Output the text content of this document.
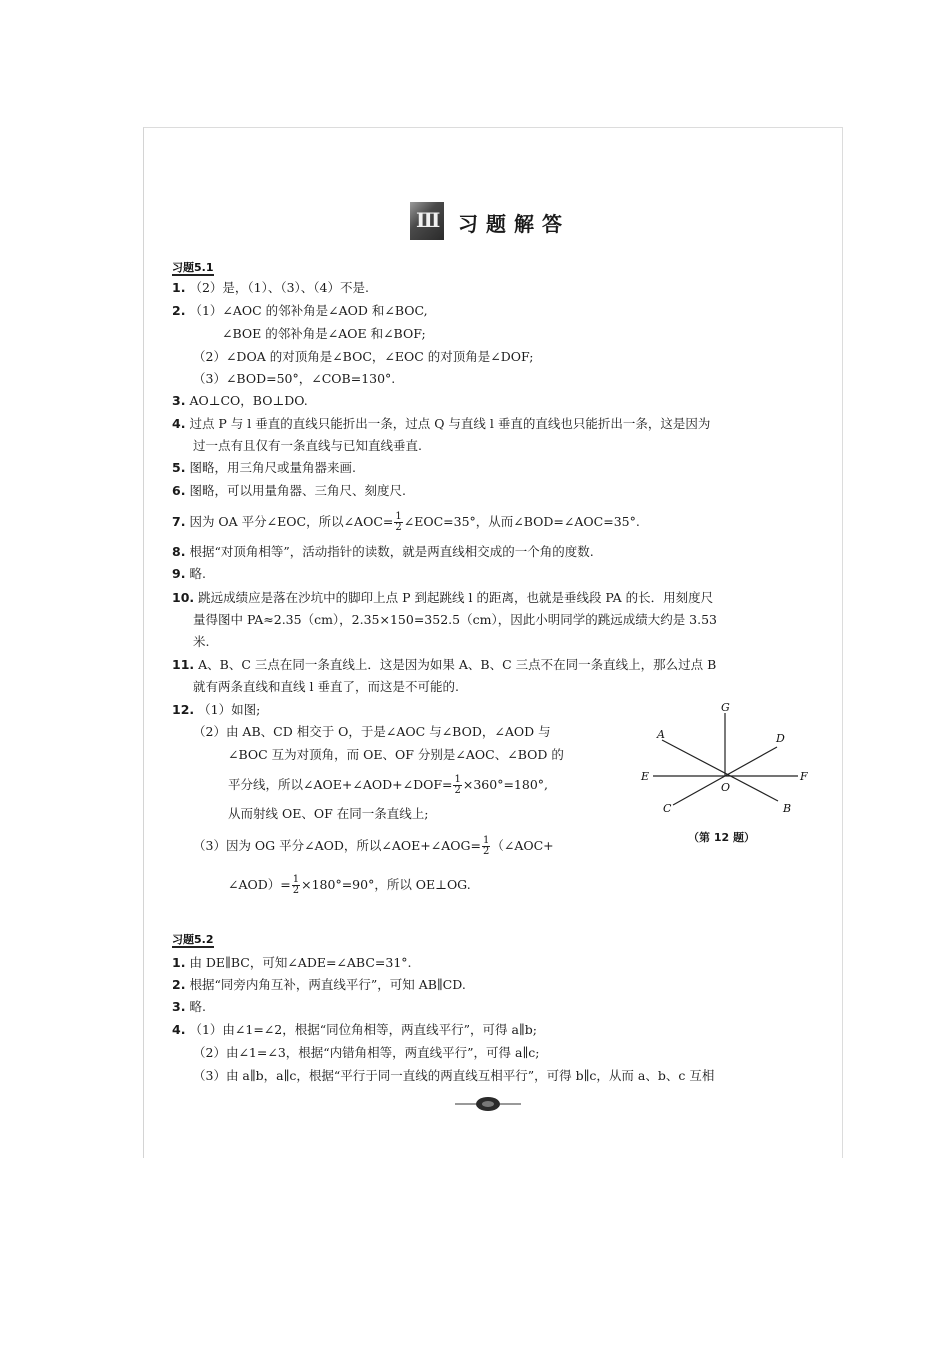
Ⅲ 习题解答
习题5.1
习题5.2
1. （2）是，（1）、（3）、（4）不是.
2. （1）∠AOC 的邻补角是∠AOD 和∠BOC,
∠BOE 的邻补角是∠AOE 和∠BOF;
（2）∠DOA 的对顶角是∠BOC，∠EOC 的对顶角是∠DOF;
（3）∠BOD=50°，∠COB=130°.
3. AO⊥CO，BO⊥DO.
4. 过点 P 与 l 垂直的直线只能折出一条，过点 Q 与直线 l 垂直的直线也只能折出一条，这是因为
过一点有且仅有一条直线与已知直线垂直.
5. 图略，用三角尺或量角器来画.
6. 图略，可以用量角器、三角尺、刻度尺.
7. 因为 OA 平分∠EOC，所以∠AOC= $\frac{1}{2}$ ∠EOC=35°，从而∠BOD=∠AOC=35°.
8. 根据“对顶角相等”，活动指针的读数，就是两直线相交成的一个角的度数.
9. 略.
10. 跳远成绩应是落在沙坑中的脚印上点 P 到起跳线 l 的距离，也就是垂线段 PA 的长．用刻度尺
量得图中 PA≈2.35（cm），2.35×150=352.5（cm），因此小明同学的跳远成绩大约是 3.53
米.
11. A、B、C 三点在同一条直线上．这是因为如果 A、B、C 三点不在同一条直线上，那么过点 B
就有两条直线和直线 l 垂直了，而这是不可能的.
12. （1）如图;
（2）由 AB、CD 相交于 O，于是∠AOC 与∠BOD，∠AOD 与
∠BOC 互为对顶角，而 OE、OF 分别是∠AOC、∠BOD 的
平分线，所以∠AOE+∠AOD+∠DOF= $\frac{1}{2} \times 360^\circ=180^\circ$,
从而射线 OE、OF 在同一条直线上;
（3）因为 OG 平分∠AOD，所以∠AOE+∠AOG= $\frac{1}{2}$ （∠AOC+
∠AOD）= $\frac{1}{2} \times 180^\circ=90^\circ$，所以 OE⊥OG.
1. 由 DE∥BC，可知∠ADE=∠ABC=31°.
2. 根据“同旁内角互补，两直线平行”，可知 AB∥CD.
3. 略.
4. （1）由∠1=∠2，根据“同位角相等，两直线平行”，可得 a∥b;
（2）由∠1=∠3，根据“内错角相等，两直线平行”，可得 a∥c;
（3）由 a∥b，a∥c，根据“平行于同一直线的两直线互相平行”，可得 b∥c，从而 a、b、c 互相
G
A	D
E	F
O
C	B
（第 12 题）
